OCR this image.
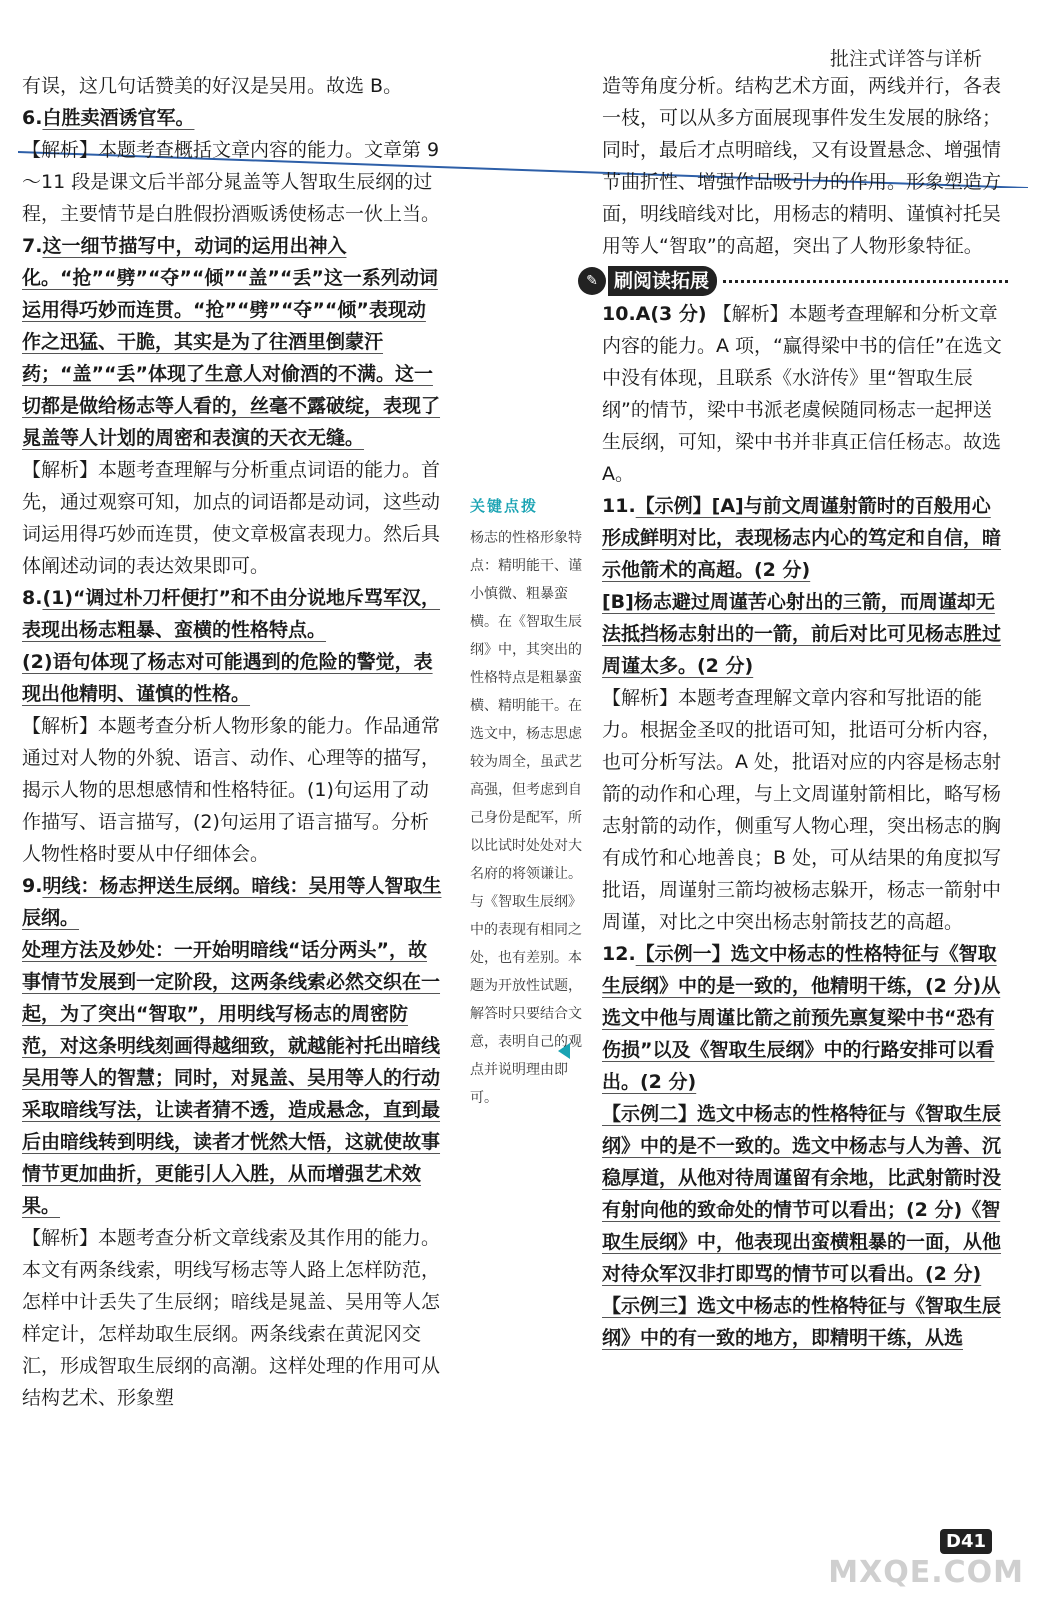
批注式详答与详析

有误，这几句话赞美的好汉是吴用。故选 B。

6.白胜卖酒诱官军。

【解析】本题考查概括文章内容的能力。文章第 9～11 段是课文后半部分晁盖等人智取生辰纲的过程，主要情节是白胜假扮酒贩诱使杨志一伙上当。

7.这一细节描写中，动词的运用出神入化。“抢”“劈”“夺”“倾”“盖”“丢”这一系列动词运用得巧妙而连贯。“抢”“劈”“夺”“倾”表现动作之迅猛、干脆，其实是为了往酒里倒蒙汗药；“盖”“丢”体现了生意人对偷酒的不满。这一切都是做给杨志等人看的，丝毫不露破绽，表现了晁盖等人计划的周密和表演的天衣无缝。

【解析】本题考查理解与分析重点词语的能力。首先，通过观察可知，加点的词语都是动词，这些动词运用得巧妙而连贯，使文章极富表现力。然后具体阐述动词的表达效果即可。

8.(1)“调过朴刀杆便打”和不由分说地斥骂军汉，表现出杨志粗暴、蛮横的性格特点。

(2)语句体现了杨志对可能遇到的危险的警觉，表现出他精明、谨慎的性格。

【解析】本题考查分析人物形象的能力。作品通常通过对人物的外貌、语言、动作、心理等的描写，揭示人物的思想感情和性格特征。(1)句运用了动作描写、语言描写，(2)句运用了语言描写。分析人物性格时要从中仔细体会。

9.明线：杨志押送生辰纲。暗线：吴用等人智取生辰纲。

处理方法及妙处：一开始明暗线“话分两头”，故事情节发展到一定阶段，这两条线索必然交织在一起，为了突出“智取”，用明线写杨志的周密防范，对这条明线刻画得越细致，就越能衬托出暗线吴用等人的智慧；同时，对晁盖、吴用等人的行动采取暗线写法，让读者猜不透，造成悬念，直到最后由暗线转到明线，读者才恍然大悟，这就使故事情节更加曲折，更能引人入胜，从而增强艺术效果。

【解析】本题考查分析文章线索及其作用的能力。本文有两条线索，明线写杨志等人路上怎样防范，怎样中计丢失了生辰纲；暗线是晁盖、吴用等人怎样定计，怎样劫取生辰纲。两条线索在黄泥冈交汇，形成智取生辰纲的高潮。这样处理的作用可从结构艺术、形象塑

关键点拨
杨志的性格形象特点：精明能干、谨小慎微、粗暴蛮横。在《智取生辰纲》中，其突出的性格特点是粗暴蛮横、精明能干。在选文中，杨志思虑较为周全，虽武艺高强，但考虑到自己身份是配军，所以比试时处处对大名府的将领谦让。与《智取生辰纲》中的表现有相同之处，也有差别。本题为开放性试题，解答时只要结合文意，表明自己的观点并说明理由即可。

造等角度分析。结构艺术方面，两线并行，各表一枝，可以从多方面展现事件发生发展的脉络；同时，最后才点明暗线，又有设置悬念、增强情节曲折性、增强作品吸引力的作用。形象塑造方面，明线暗线对比，用杨志的精明、谨慎衬托吴用等人“智取”的高超，突出了人物形象特征。

✎ 刷阅读拓展

10.A(3 分) 【解析】本题考查理解和分析文章内容的能力。A 项，“赢得梁中书的信任”在选文中没有体现，且联系《水浒传》里“智取生辰纲”的情节，梁中书派老虞候随同杨志一起押送生辰纲，可知，梁中书并非真正信任杨志。故选 A。

11.【示例】[A]与前文周谨射箭时的百般用心形成鲜明对比，表现杨志内心的笃定和自信，暗示他箭术的高超。(2 分)

[B]杨志避过周谨苦心射出的三箭，而周谨却无法抵挡杨志射出的一箭，前后对比可见杨志胜过周谨太多。(2 分)

【解析】本题考查理解文章内容和写批语的能力。根据金圣叹的批语可知，批语可分析内容，也可分析写法。A 处，批语对应的内容是杨志射箭的动作和心理，与上文周谨射箭相比，略写杨志射箭的动作，侧重写人物心理，突出杨志的胸有成竹和心地善良；B 处，可从结果的角度拟写批语，周谨射三箭均被杨志躲开，杨志一箭射中周谨，对比之中突出杨志射箭技艺的高超。

12.【示例一】选文中杨志的性格特征与《智取生辰纲》中的是一致的，他精明干练，(2 分)从选文中他与周谨比箭之前预先禀复梁中书“恐有伤损”以及《智取生辰纲》中的行路安排可以看出。(2 分)

【示例二】选文中杨志的性格特征与《智取生辰纲》中的是不一致的。选文中杨志与人为善、沉稳厚道，从他对待周谨留有余地，比武射箭时没有射向他的致命处的情节可以看出；(2 分)《智取生辰纲》中，他表现出蛮横粗暴的一面，从他对待众军汉非打即骂的情节可以看出。(2 分)

【示例三】选文中杨志的性格特征与《智取生辰纲》中的有一致的地方，即精明干练，从选

D41
MXQE.COM
